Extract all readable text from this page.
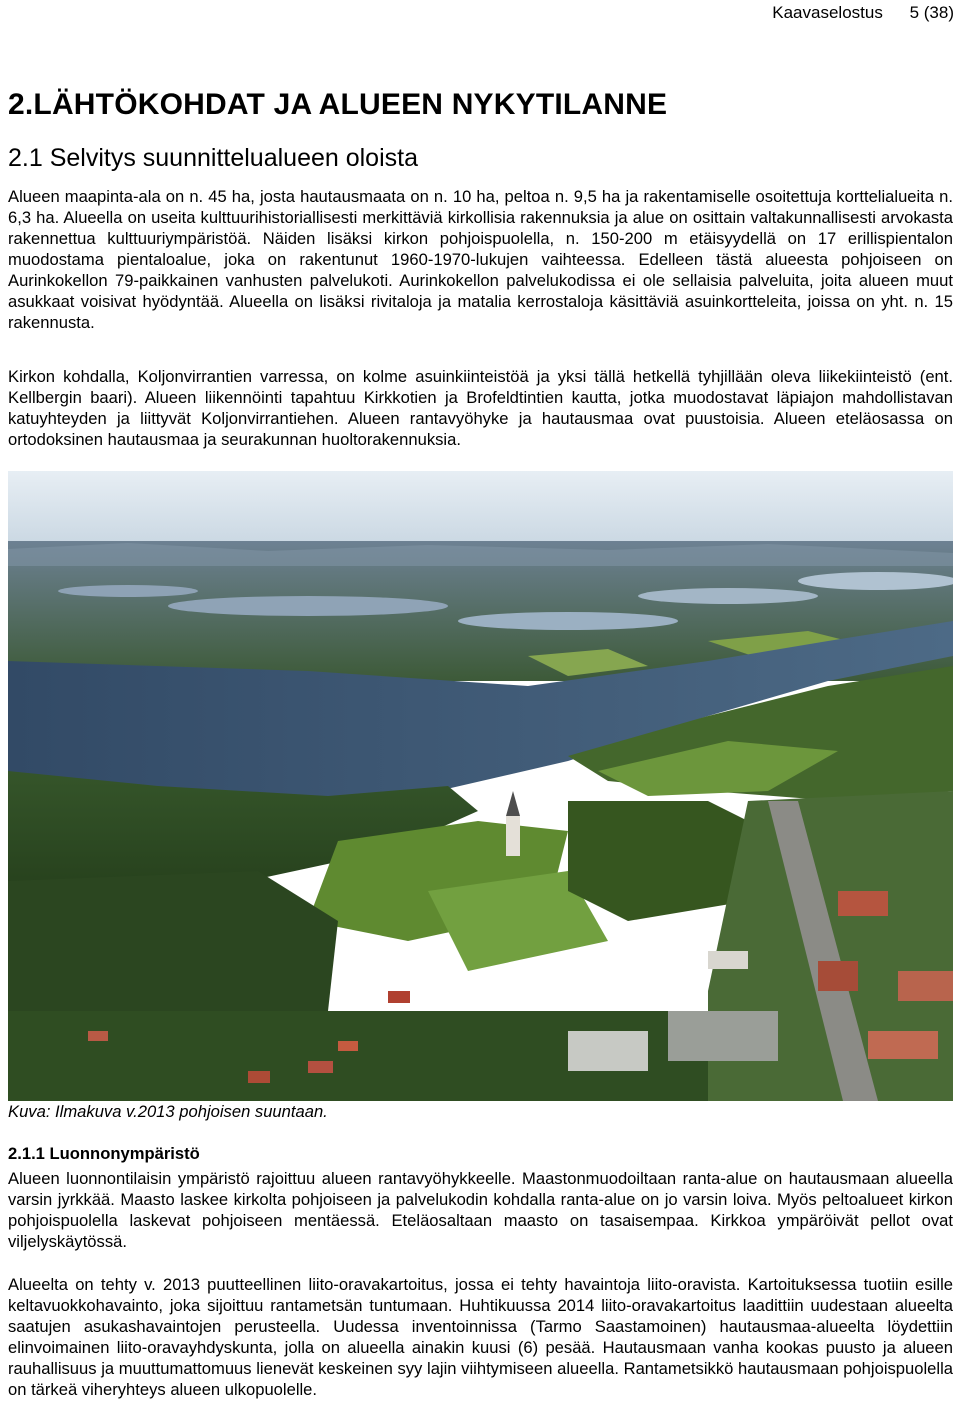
Kaavaselostus 5 (38)
2.LÄHTÖKOHDAT JA ALUEEN NYKYTILANNE
2.1 Selvitys suunnittelualueen oloista

Alueen maapinta-ala on n. 45 ha, josta hautausmaata on n. 10 ha, peltoa n. 9,5 ha ja rakentamiselle osoitettuja korttelialueita n. 6,3 ha. Alueella on useita kulttuurihistoriallisesti merkittäviä kirkollisia rakennuksia ja alue on osittain valtakunnallisesti arvokasta rakennettua kulttuuriympäristöä. Näiden lisäksi kirkon pohjoispuolella, n. 150-200 m etäisyydellä on 17 erillispientalon muodostama pientaloalue, joka on rakentunut 1960-1970-lukujen vaihteessa. Edelleen tästä alueesta pohjoiseen on Aurinkokellon 79-paikkainen vanhusten palvelukoti. Aurinkokellon palvelukodissa ei ole sellaisia palveluita, joita alueen muut asukkaat voisivat hyödyntää. Alueella on lisäksi rivitaloja ja matalia kerrostaloja käsittäviä asuinkortteleita, joissa on yht. n. 15 rakennusta.

Kirkon kohdalla, Koljonvirrantien varressa, on kolme asuinkiinteistöä ja yksi tällä hetkellä tyhjillään oleva liikekiinteistö (ent. Kellbergin baari). Alueen liikennöinti tapahtuu Kirkkotien ja Brofeldtintien kautta, jotka muodostavat läpiajon mahdollistavan katuyhteyden ja liittyvät Koljonvirrantiehen. Alueen rantavyöhyke ja hautausmaa ovat puustoisia. Alueen eteläosassa on ortodoksinen hautausmaa ja seurakunnan huoltorakennuksia.

Kuva: Ilmakuva v.2013 pohjoisen suuntaan.
2.1.1 Luonnonympäristö

Alueen luonnontilaisin ympäristö rajoittuu alueen rantavyöhykkeelle. Maastonmuodoiltaan ranta-alue on hautausmaan alueella varsin jyrkkää. Maasto laskee kirkolta pohjoiseen ja palvelukodin kohdalla ranta-alue on jo varsin loiva. Myös peltoalueet kirkon pohjoispuolella laskevat pohjoiseen mentäessä. Eteläosaltaan maasto on tasaisempaa. Kirkkoa ympäröivät pellot ovat viljelyskäytössä.

Alueelta on tehty v. 2013 puutteellinen liito-oravakartoitus, jossa ei tehty havaintoja liito-oravista. Kartoituksessa tuotiin esille keltavuokkohavainto, joka sijoittuu rantametsän tuntumaan. Huhtikuussa 2014 liito-oravakartoitus laadittiin uudestaan alueelta saatujen asukashavaintojen perusteella. Uudessa inventoinnissa (Tarmo Saastamoinen) hautausmaa-alueelta löydettiin elinvoimainen liito-oravayhdyskunta, jolla on alueella ainakin kuusi (6) pesää. Hautausmaan vanha kookas puusto ja alueen rauhallisuus ja muuttumattomuus lienevät keskeinen syy lajin viihtymiseen alueella. Rantametsikkö hautausmaan pohjoispuolella on tärkeä viheryhteys alueen ulkopuolelle.
